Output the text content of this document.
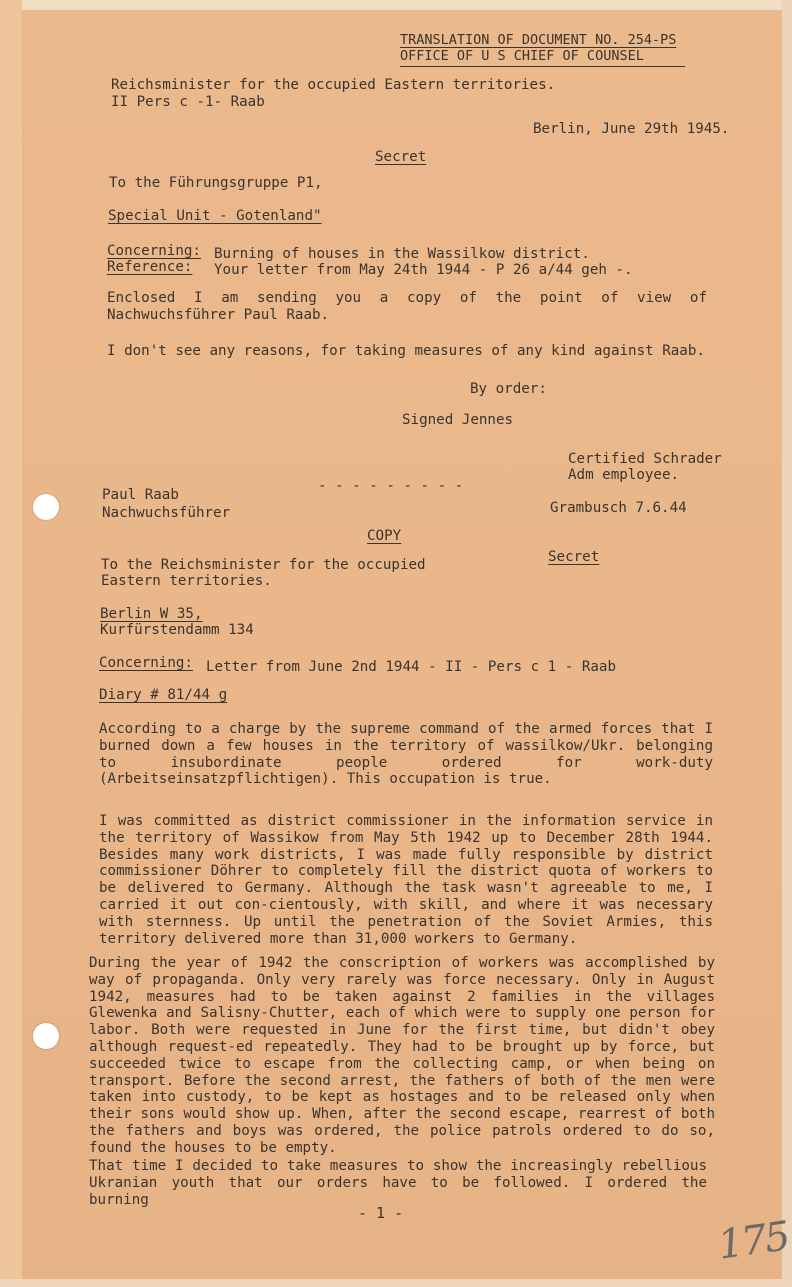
TRANSLATION OF DOCUMENT NO. 254-PS
OFFICE OF U S CHIEF OF COUNSEL
Reichsminister for the occupied Eastern territories.
II Pers c -1- Raab
Berlin, June 29th 1945.
Secret
To the Führungsgruppe P1,
Special Unit - Gotenland"
Concerning: Burning of houses in the Wassilkow district.
Reference: Your letter from May 24th 1944 - P 26 a/44 geh -.
Enclosed I am sending you a copy of the point of view of Nachwuchsführer Paul Raab.
I don't see any reasons, for taking measures of any kind against Raab.
By order:
Signed Jennes
Certified Schrader
Adm employee.
- - - - - - - - -
Paul Raab
Nachwuchsführer	Grambusch 7.6.44
COPY
Secret
To the Reichsminister for the occupied
Eastern territories.
Berlin W 35,
Kurfürstendamm 134
Concerning: Letter from June 2nd 1944 - II - Pers c 1 - Raab
Diary # 81/44 g
According to a charge by the supreme command of the armed forces that I burned down a few houses in the territory of wassilkow/Ukr. belonging to insubordinate people ordered for work-duty (Arbeitseinsatzpflichtigen). This occupation is true.
I was committed as district commissioner in the information service in the territory of Wassikow from May 5th 1942 up to December 28th 1944. Besides many work districts, I was made fully responsible by district commissioner Döhrer to completely fill the district quota of workers to be delivered to Germany. Although the task wasn't agreeable to me, I carried it out con-cientously, with skill, and where it was necessary with sternness. Up until the penetration of the Soviet Armies, this territory delivered more than 31,000 workers to Germany.
During the year of 1942 the conscription of workers was accomplished by way of propaganda. Only very rarely was force necessary. Only in August 1942, measures had to be taken against 2 families in the villages Glewenka and Salisny-Chutter, each of which were to supply one person for labor. Both were requested in June for the first time, but didn't obey although request-ed repeatedly. They had to be brought up by force, but succeeded twice to escape from the collecting camp, or when being on transport. Before the second arrest, the fathers of both of the men were taken into custody, to be kept as hostages and to be released only when their sons would show up. When, after the second escape, rearrest of both the fathers and boys was ordered, the police patrols ordered to do so, found the houses to be empty.
That time I decided to take measures to show the increasingly rebellious Ukranian youth that our orders have to be followed. I ordered the burning
- 1 -
175
